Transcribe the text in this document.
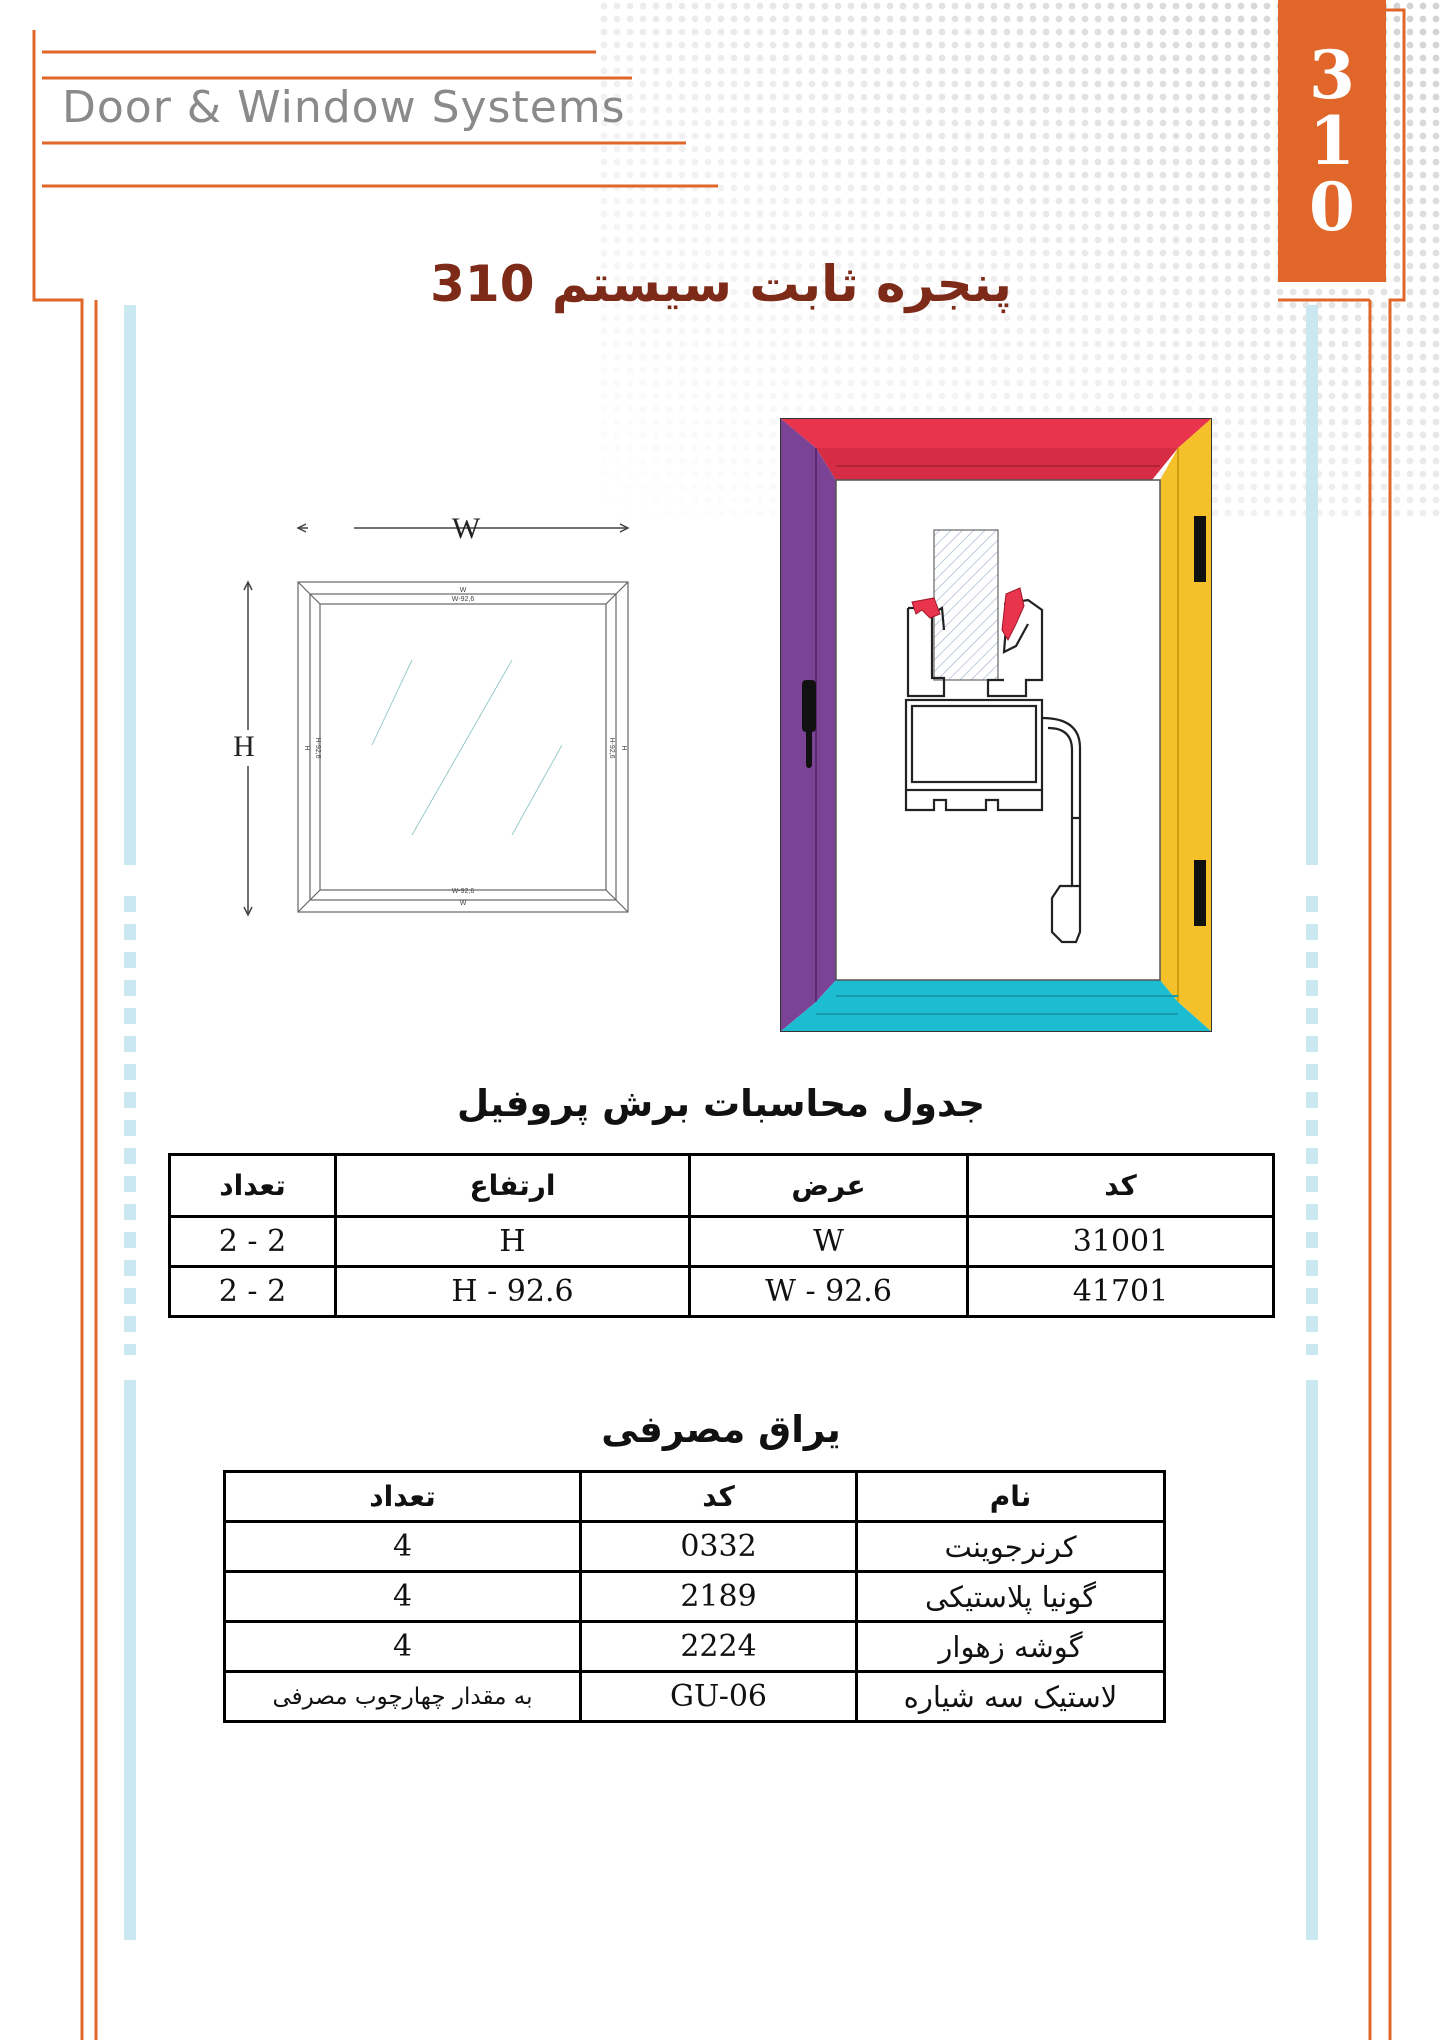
Door & Window Systems	3
1
0
پنجره ثابت سیستم 310
W
H
W
W-92,6
W-92,6
W
H H-92,6	H-92,6 H
جدول محاسبات برش پروفیل
تعداد	ارتفاع	عرض	کد
2 - 2	H	W	31001
2 - 2	H - 92.6	W - 92.6	41701
یراق مصرفی
تعداد	کد	نام
4	0332	کرنرجوینت
4	2189	گونیا پلاستیکی
4	2224	گوشه زهوار
به مقدار چهارچوب مصرفی	GU-06	لاستیک سه شیاره
